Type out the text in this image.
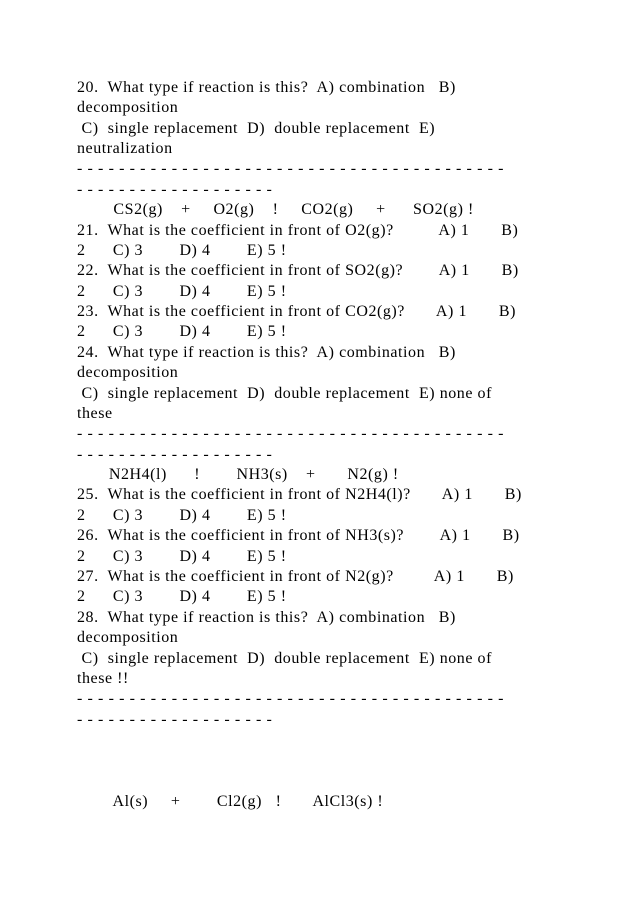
20.  What type if reaction is this?  A) combination   B)
decomposition
C)  single replacement  D)  double replacement  E)
neutralization
- - - - - - - - - - - - - - - - - - - - - - - - - - - - - - - - - - - - - - - - -
- - - - - - - - - - - - - - - - - - -
CS2(g)    +     O2(g)    !     CO2(g)     +      SO2(g) !
21.  What is the coefficient in front of O2(g)?          A) 1       B)
2      C) 3        D) 4        E) 5 !
22.  What is the coefficient in front of SO2(g)?        A) 1       B)
2      C) 3        D) 4        E) 5 !
23.  What is the coefficient in front of CO2(g)?       A) 1       B)
2      C) 3        D) 4        E) 5 !
24.  What type if reaction is this?  A) combination   B)
decomposition
C)  single replacement  D)  double replacement  E) none of
these
- - - - - - - - - - - - - - - - - - - - - - - - - - - - - - - - - - - - - - - - -
- - - - - - - - - - - - - - - - - - -
N2H4(l)      !        NH3(s)    +       N2(g) !
25.  What is the coefficient in front of N2H4(l)?       A) 1       B)
2      C) 3        D) 4        E) 5 !
26.  What is the coefficient in front of NH3(s)?        A) 1       B)
2      C) 3        D) 4        E) 5 !
27.  What is the coefficient in front of N2(g)?         A) 1       B)
2      C) 3        D) 4        E) 5 !
28.  What type if reaction is this?  A) combination   B)
decomposition
C)  single replacement  D)  double replacement  E) none of
these !!
- - - - - - - - - - - - - - - - - - - - - - - - - - - - - - - - - - - - - - - - -
- - - - - - - - - - - - - - - - - - -
Al(s)     +        Cl2(g)   !       AlCl3(s) !
